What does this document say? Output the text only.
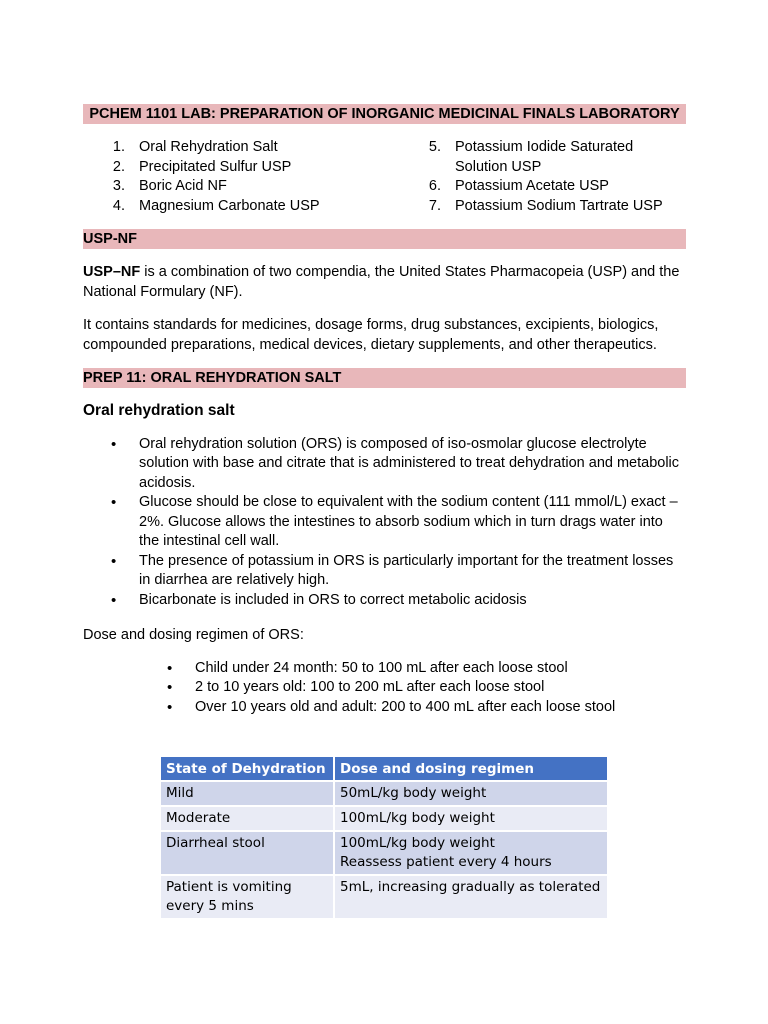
PCHEM 1101 LAB: PREPARATION OF INORGANIC MEDICINAL FINALS LABORATORY
1. Oral Rehydration Salt
2. Precipitated Sulfur USP
3. Boric Acid NF
4. Magnesium Carbonate USP
5. Potassium Iodide Saturated Solution USP
6. Potassium Acetate USP
7. Potassium Sodium Tartrate USP
USP-NF

USP–NF is a combination of two compendia, the United States Pharmacopeia (USP) and the National Formulary (NF).

It contains standards for medicines, dosage forms, drug substances, excipients, biologics, compounded preparations, medical devices, dietary supplements, and other therapeutics.

PREP 11: ORAL REHYDRATION SALT

Oral rehydration salt

• Oral rehydration solution (ORS) is composed of iso-osmolar glucose electrolyte solution with base and citrate that is administered to treat dehydration and metabolic acidosis.
• Glucose should be close to equivalent with the sodium content (111 mmol/L) exact – 2%. Glucose allows the intestines to absorb sodium which in turn drags water into the intestinal cell wall.
• The presence of potassium in ORS is particularly important for the treatment losses in diarrhea are relatively high.
• Bicarbonate is included in ORS to correct metabolic acidosis

Dose and dosing regimen of ORS:

• Child under 24 month: 50 to 100 mL after each loose stool
• 2 to 10 years old: 100 to 200 mL after each loose stool
• Over 10 years old and adult: 200 to 400 mL after each loose stool
State of Dehydration	Dose and dosing regimen
Mild	50mL/kg body weight

Moderate	100mL/kg body weight

Diarrheal stool	100mL/kg body weight
Reassess patient every 4 hours

Patient is vomiting every 5 mins	5mL, increasing gradually as tolerated
